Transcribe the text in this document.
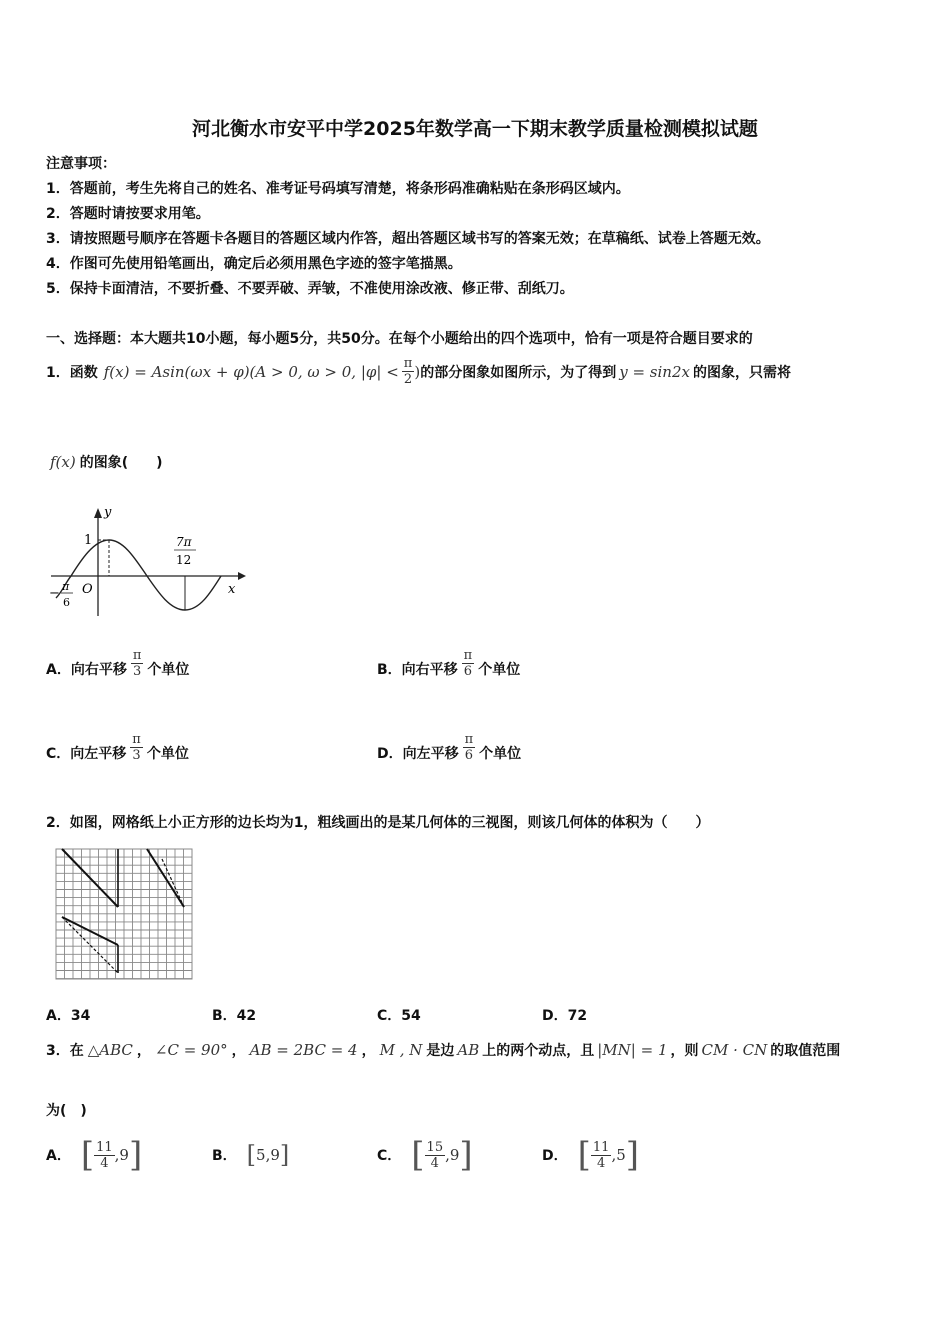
河北衡水市安平中学2025年数学高一下期末教学质量检测模拟试题
注意事项：
1．答题前，考生先将自己的姓名、准考证号码填写清楚，将条形码准确粘贴在条形码区域内。
2．答题时请按要求用笔。
3．请按照题号顺序在答题卡各题目的答题区域内作答，超出答题区域书写的答案无效；在草稿纸、试卷上答题无效。
4．作图可先使用铅笔画出，确定后必须用黑色字迹的签字笔描黑。
5．保持卡面清洁，不要折叠、不要弄破、弄皱，不准使用涂改液、修正带、刮纸刀。
一、选择题：本大题共10小题，每小题5分，共50分。在每个小题给出的四个选项中，恰有一项是符合题目要求的
1．函数 f(x) = Asin(ωx + φ)(A > 0, ω > 0, $|\varphi| < \frac{\pi}{2}$ ) 的部分图象如图所示，为了得到 y = sin2x 的图象，只需将
f(x) 的图象(　　)
y
x
1
O
− π
6
7π
12
A． 向右平移 $\frac{\pi}{3}$ 个单位	B． 向右平移 $\frac{\pi}{6}$ 个单位
C． 向左平移 $\frac{\pi}{3}$ 个单位	D． 向左平移 $\frac{\pi}{6}$ 个单位
2．如图，网格纸上小正方形的边长均为1，粗线画出的是某几何体的三视图，则该几何体的体积为（　　）
A．34	B．42	C．54	D．72
3．在 △ABC ， ∠C = 90° ， AB = 2BC = 4 ， M , N 是边 AB 上的两个动点，且 |MN| = 1 ，则 CM · CN 的取值范围
为(　)
A． [ $\frac{11}{4} ,9$ ]	B． [ 5,9 ]	C． [ $\frac{15}{4} ,9$ ]	D． [ $\frac{11}{4} ,5$ ]
